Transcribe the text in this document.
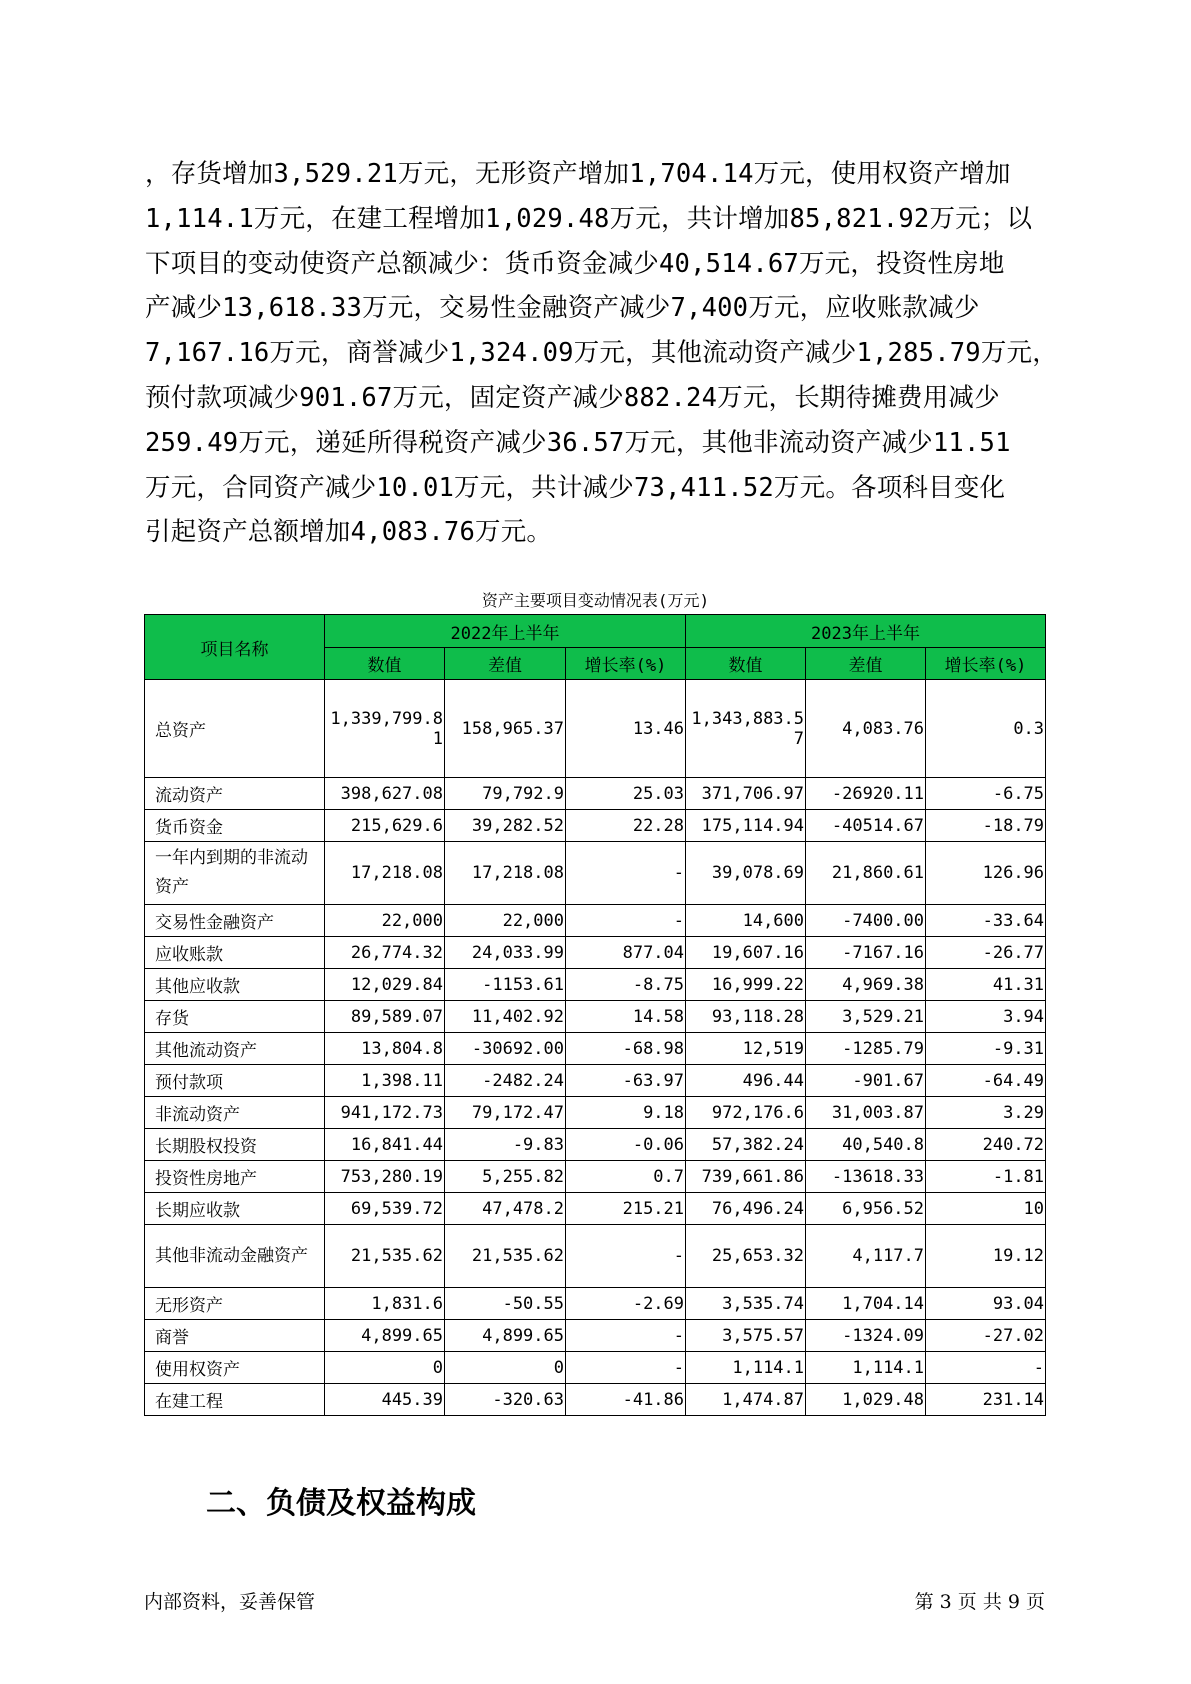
，存货增加3,529.21万元，无形资产增加1,704.14万元，使用权资产增加
1,114.1万元，在建工程增加1,029.48万元，共计增加85,821.92万元；以
下项目的变动使资产总额减少：货币资金减少40,514.67万元，投资性房地
产减少13,618.33万元，交易性金融资产减少7,400万元，应收账款减少
7,167.16万元，商誉减少1,324.09万元，其他流动资产减少1,285.79万元，
预付款项减少901.67万元，固定资产减少882.24万元，长期待摊费用减少
259.49万元，递延所得税资产减少36.57万元，其他非流动资产减少11.51
万元，合同资产减少10.01万元，共计减少73,411.52万元。各项科目变化
引起资产总额增加4,083.76万元。
资产主要项目变动情况表(万元)
项目名称	2022年上半年			2023年上半年		
	数值	差值	增长率(%)	数值	差值	增长率(%)
总资产	1,339,799.81	158,965.37	13.46	1,343,883.57	4,083.76	0.3
流动资产	398,627.08	79,792.9	25.03	371,706.97	-26920.11	-6.75
货币资金	215,629.6	39,282.52	22.28	175,114.94	-40514.67	-18.79
一年内到期的非流动资产	17,218.08	17,218.08	-	39,078.69	21,860.61	126.96
交易性金融资产	22,000	22,000	-	14,600	-7400.00	-33.64
应收账款	26,774.32	24,033.99	877.04	19,607.16	-7167.16	-26.77
其他应收款	12,029.84	-1153.61	-8.75	16,999.22	4,969.38	41.31
存货	89,589.07	11,402.92	14.58	93,118.28	3,529.21	3.94
其他流动资产	13,804.8	-30692.00	-68.98	12,519	-1285.79	-9.31
预付款项	1,398.11	-2482.24	-63.97	496.44	-901.67	-64.49
非流动资产	941,172.73	79,172.47	9.18	972,176.6	31,003.87	3.29
长期股权投资	16,841.44	-9.83	-0.06	57,382.24	40,540.8	240.72
投资性房地产	753,280.19	5,255.82	0.7	739,661.86	-13618.33	-1.81
长期应收款	69,539.72	47,478.2	215.21	76,496.24	6,956.52	10
其他非流动金融资产	21,535.62	21,535.62	-	25,653.32	4,117.7	19.12
无形资产	1,831.6	-50.55	-2.69	3,535.74	1,704.14	93.04
商誉	4,899.65	4,899.65	-	3,575.57	-1324.09	-27.02
使用权资产	0	0	-	1,114.1	1,114.1	-
在建工程	445.39	-320.63	-41.86	1,474.87	1,029.48	231.14
二、负债及权益构成
内部资料，妥善保管	第 3 页 共 9 页
